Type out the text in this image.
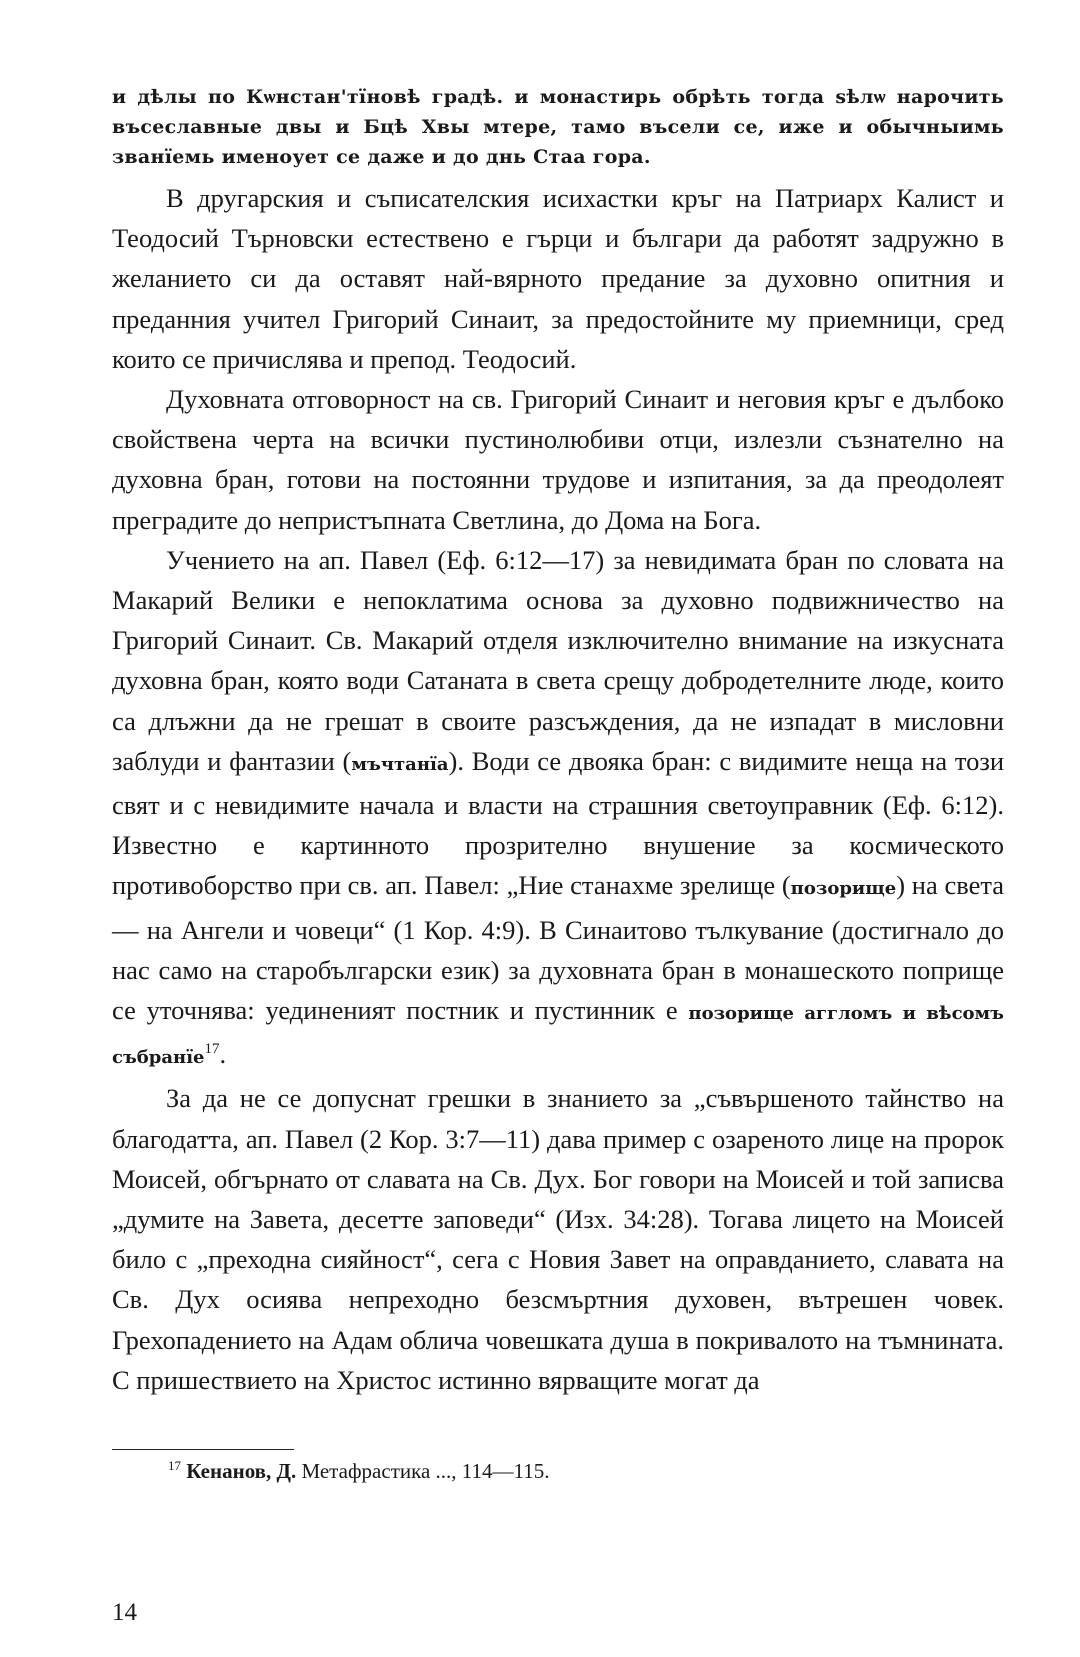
и дѣлы по Кѡнстан'тїновѣ градѣ. и монастирь обрѣть тогда ѕѣлѡ нарочить въсеславные двы и Бцѣ Хвы мтере, тамо въсели се, иже и обычныимь званїемь именоует се даже и до днь Стаа гора.

В другарския и съписателския исихастки кръг на Патриарх Калист и Теодосий Търновски естествено е гърци и българи да работят задружно в желанието си да оставят най-вярното предание за духовно опитния и преданния учител Григорий Синаит, за предостойните му приемници, сред които се причислява и препод. Теодосий.

Духовната отговорност на св. Григорий Синаит и неговия кръг е дълбоко свойствена черта на всички пустинолюбиви отци, излезли съзнателно на духовна бран, готови на постоянни трудове и изпитания, за да преодолеят преградите до непристъпната Светлина, до Дома на Бога.

Учението на ап. Павел (Еф. 6:12—17) за невидимата бран по словата на Макарий Велики е непоклатима основа за духовно подвижничество на Григорий Синаит. Св. Макарий отделя изключително внимание на изкусната духовна бран, която води Сатаната в света срещу добродетелните люде, които са длъжни да не грешат в своите разсъждения, да не изпадат в мисловни заблуди и фантазии (мъчтанїа). Води се двояка бран: с видимите неща на този свят и с невидимите начала и власти на страшния светоуправник (Еф. 6:12). Известно е картинното прозрително внушение за космическото противоборство при св. ап. Павел: „Ние станахме зрелище (позорище) на света — на Ангели и човеци“ (1 Кор. 4:9). В Синаитово тълкувание (достигнало до нас само на старобългарски език) за духовната бран в монашеското поприще се уточнява: уединеният постник и пустинник е позорище аггломъ и вѣсомъ събранїе$^{17}$.

За да не се допуснат грешки в знанието за „съвършеното тайнство на благодатта, ап. Павел (2 Кор. 3:7—11) дава пример с озареното лице на пророк Моисей, обгърнато от славата на Св. Дух. Бог говори на Моисей и той записва „думите на Завета, десетте заповеди“ (Изх. 34:28). Тогава лицето на Моисей било с „преходна сияйност“, сега с Новия Завет на оправданието, славата на Св. Дух осиява непреходно безсмъртния духовен, вътрешен човек. Грехопадението на Адам облича човешката душа в покривалото на тъмнината. С пришествието на Христос истинно вярващите могат да

$^{17}$ Кенанов, Д. Метафрастика ..., 114—115.

14
